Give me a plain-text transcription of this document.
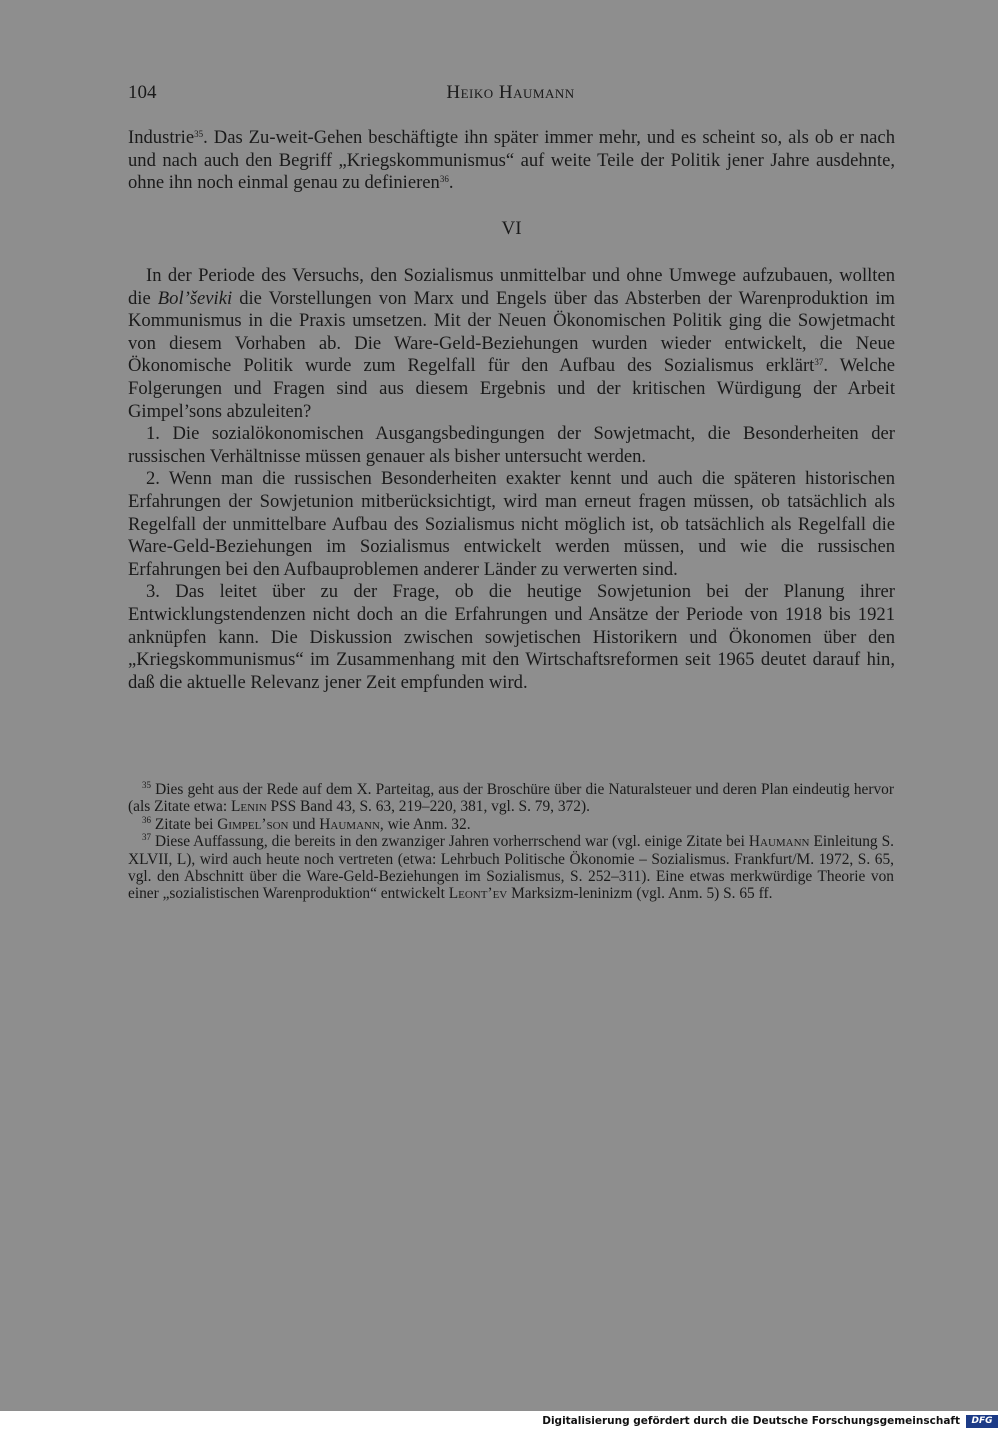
104	Heiko Haumann

Industrie$^{35}$. Das Zu-weit-Gehen beschäftigte ihn später immer mehr, und es scheint so, als ob er nach und nach auch den Begriff „Kriegskommunismus“ auf weite Teile der Politik jener Jahre ausdehnte, ohne ihn noch einmal genau zu definieren$^{36}$.

VI

In der Periode des Versuchs, den Sozialismus unmittelbar und ohne Umwege aufzubauen, wollten die Bol’ševiki die Vorstellungen von Marx und Engels über das Absterben der Warenproduktion im Kommunismus in die Praxis umsetzen. Mit der Neuen Ökonomischen Politik ging die Sowjetmacht von diesem Vorhaben ab. Die Ware-Geld-Beziehungen wurden wieder entwickelt, die Neue Ökonomische Politik wurde zum Regelfall für den Aufbau des Sozialismus erklärt$^{37}$. Welche Folgerungen und Fragen sind aus diesem Ergebnis und der kritischen Würdigung der Arbeit Gimpel’sons abzuleiten?

1. Die sozialökonomischen Ausgangsbedingungen der Sowjetmacht, die Besonderheiten der russischen Verhältnisse müssen genauer als bisher untersucht werden.

2. Wenn man die russischen Besonderheiten exakter kennt und auch die späteren historischen Erfahrungen der Sowjetunion mitberücksichtigt, wird man erneut fragen müssen, ob tatsächlich als Regelfall der unmittelbare Aufbau des Sozialismus nicht möglich ist, ob tatsächlich als Regelfall die Ware-Geld-Beziehungen im Sozialismus entwickelt werden müssen, und wie die russischen Erfahrungen bei den Aufbauproblemen anderer Länder zu verwerten sind.

3. Das leitet über zu der Frage, ob die heutige Sowjetunion bei der Planung ihrer Entwicklungstendenzen nicht doch an die Erfahrungen und Ansätze der Periode von 1918 bis 1921 anknüpfen kann. Die Diskussion zwischen sowjetischen Historikern und Ökonomen über den „Kriegskommunismus“ im Zusammenhang mit den Wirtschaftsreformen seit 1965 deutet darauf hin, daß die aktuelle Relevanz jener Zeit empfunden wird.

$^{35}$ Dies geht aus der Rede auf dem X. Parteitag, aus der Broschüre über die Naturalsteuer und deren Plan eindeutig hervor (als Zitate etwa: Lenin PSS Band 43, S. 63, 219–220, 381, vgl. S. 79, 372).

$^{36}$ Zitate bei Gimpel’son und Haumann, wie Anm. 32.

$^{37}$ Diese Auffassung, die bereits in den zwanziger Jahren vorherrschend war (vgl. einige Zitate bei Haumann Einleitung S. XLVII, L), wird auch heute noch vertreten (etwa: Lehrbuch Politische Ökonomie – Sozialismus. Frankfurt/M. 1972, S. 65, vgl. den Abschnitt über die Ware-Geld-Beziehungen im Sozialismus, S. 252–311). Eine etwas merkwürdige Theorie von einer „sozialistischen Warenproduktion“ entwickelt Leont’ev Marksizm-leninizm (vgl. Anm. 5) S. 65 ff.

Digitalisierung gefördert durch die Deutsche Forschungsgemeinschaft	DFG
